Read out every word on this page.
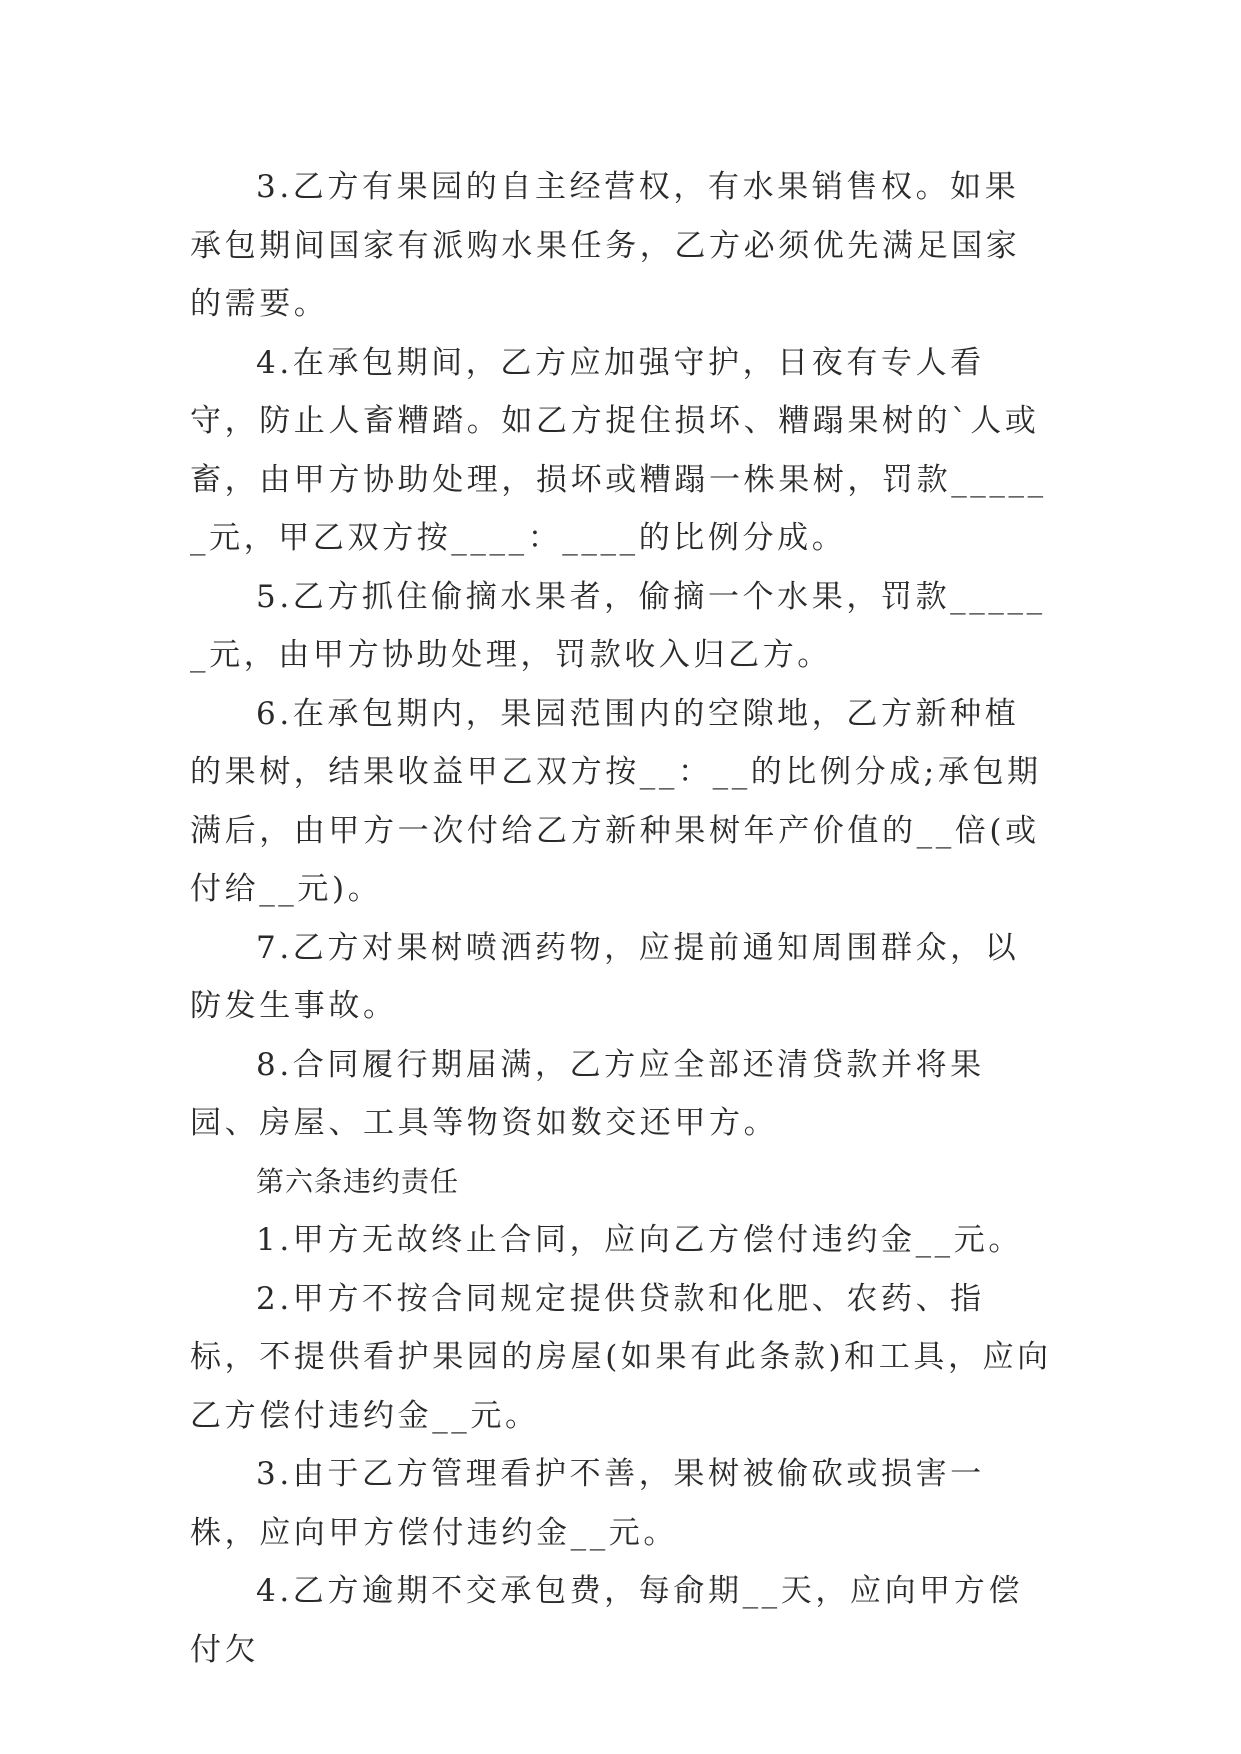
3.乙方有果园的自主经营权，有水果销售权。如果承包期间国家有派购水果任务，乙方必须优先满足国家的需要。

4.在承包期间，乙方应加强守护，日夜有专人看守，防止人畜糟踏。如乙方捉住损坏、糟蹋果树的`人或畜，由甲方协助处理，损坏或糟蹋一株果树，罚款______元，甲乙双方按____：____的比例分成。

5.乙方抓住偷摘水果者，偷摘一个水果，罚款______元，由甲方协助处理，罚款收入归乙方。

6.在承包期内，果园范围内的空隙地，乙方新种植的果树，结果收益甲乙双方按__：__的比例分成;承包期满后，由甲方一次付给乙方新种果树年产价值的__倍(或付给__元)。

7.乙方对果树喷洒药物，应提前通知周围群众，以防发生事故。

8.合同履行期届满，乙方应全部还清贷款并将果园、房屋、工具等物资如数交还甲方。

第六条违约责任

1.甲方无故终止合同，应向乙方偿付违约金__元。

2.甲方不按合同规定提供贷款和化肥、农药、指标，不提供看护果园的房屋(如果有此条款)和工具，应向乙方偿付违约金__元。

3.由于乙方管理看护不善，果树被偷砍或损害一株，应向甲方偿付违约金__元。

4.乙方逾期不交承包费，每俞期__天，应向甲方偿付欠
